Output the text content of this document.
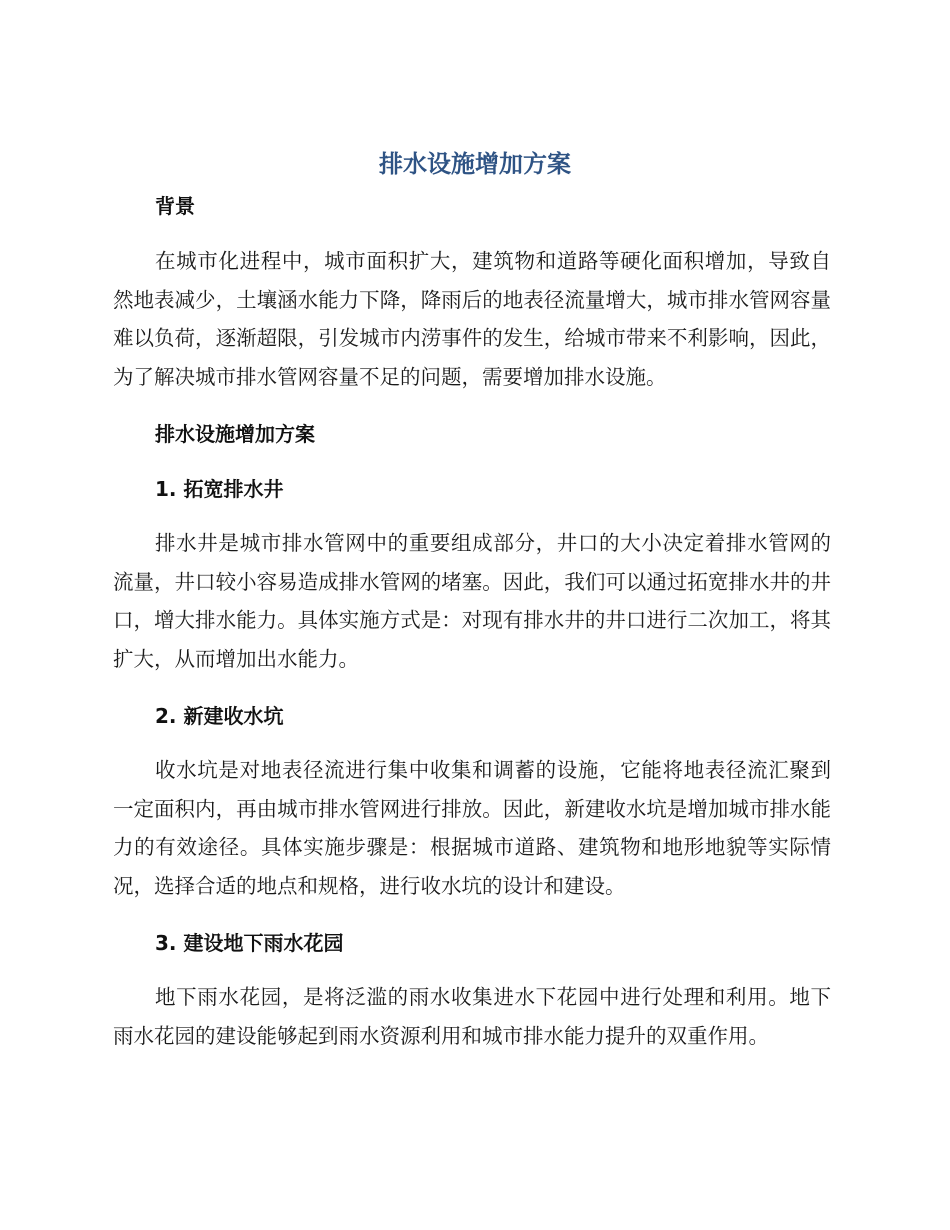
排水设施增加方案
背景

在城市化进程中，城市面积扩大，建筑物和道路等硬化面积增加，导致自然地表减少，土壤涵水能力下降，降雨后的地表径流量增大，城市排水管网容量难以负荷，逐渐超限，引发城市内涝事件的发生，给城市带来不利影响，因此，为了解决城市排水管网容量不足的问题，需要增加排水设施。

排水设施增加方案
1. 拓宽排水井

排水井是城市排水管网中的重要组成部分，井口的大小决定着排水管网的流量，井口较小容易造成排水管网的堵塞。因此，我们可以通过拓宽排水井的井口，增大排水能力。具体实施方式是：对现有排水井的井口进行二次加工，将其扩大，从而增加出水能力。

2. 新建收水坑

收水坑是对地表径流进行集中收集和调蓄的设施，它能将地表径流汇聚到一定面积内，再由城市排水管网进行排放。因此，新建收水坑是增加城市排水能力的有效途径。具体实施步骤是：根据城市道路、建筑物和地形地貌等实际情况，选择合适的地点和规格，进行收水坑的设计和建设。

3. 建设地下雨水花园

地下雨水花园，是将泛滥的雨水收集进水下花园中进行处理和利用。地下雨水花园的建设能够起到雨水资源利用和城市排水能力提升的双重作用。
